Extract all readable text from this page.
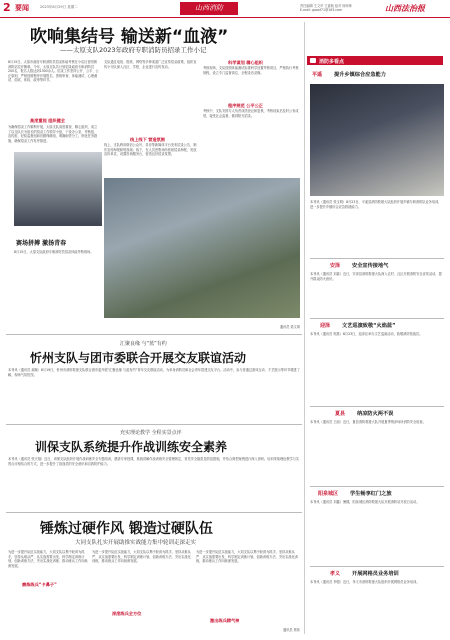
2 要闻	2023年8月29日 星期二	山西消防	责任编辑 王文华 王嘉航 组对 杨帅帅
E-mail: gaoxf71@163.com	山西法治报
吹响集结号 输送新“血液”
——太原支队2023年政府专职消防员招录工作小记
8月15日，太原市政府专职消防员招录体能考核在小店区晋阳街消防站拉开帷幕。今年，太原支队共计划招录政府专职消防员200名，报名人数达到1300余人。招录工作坚持公开、公平、公正原则，严格按照程序开展报名、资格审查、体能测试、心理测试、面试、体检、政审等环节。
高度重视 组织健全
为确保招录工作顺利开展，太原支队高度重视、精心组织，成立了以支队长为组长的招录工作领导小组，下设办公室、考核组、宣传组、纪检监督组和后勤保障组，明确职责分工，细化任务措施，确保招录工作有序推进。
支队通过电视、报纸、网络等多种渠道广泛宣传招录政策，组织宣传小分队深入社区、学校、企业进行宣传发动。
线上线下 营造氛围
线上，支队利用微信公众号、抖音等新媒体平台发布招录公告，制作宣传海报和短视频；线下，在人员密集场所张贴招录海报，发放宣传单页，设置咨询服务台，营造良好招录氛围。
科学谋划 精心组织
考核现场，支队按照体能测试标准科学设置考核项目，严格执行考核规程，设立专门监督岗位，全程录音录像。
程序规范 公平公正
考核中，支队安排专人负责成绩登记和复核，考核结束后及时公布成绩，接受社会监督，做到阳光招录。
赛场拼搏 激扬青春
8月15日，太原支队政府专职消防员招录体能考核现场。
通讯员 梁文琪
汇聚良缘 与“蓝”有约
忻州支队与团市委联合开展交友联谊活动
本刊讯（通讯员 郝婉）8月19日，忻州市消防救援支队联合团市委开展“汇聚良缘 与蓝有约”青年交友联谊活动，为单身消防员和社会青年搭建交友平台。活动中，参与者通过游戏互动、才艺展示等环节增进了解，现场气氛热烈。
充实理论教学 全程实景点评
训保支队系统提升作战训练安全素养
本刊讯（通讯员 张天翔）近日，训保支队组织开展作战训练安全专题培训，邀请专家授课，系统讲解作战训练安全管理规定、常见安全隐患及防范措施，并结合典型案例进行深入剖析。培训采取理论教学与实景点评相结合的方式，进一步提升了指战员的安全意识和自我防护能力。
锤炼过硬作风 锻造过硬队伍
大同支队扎实开展助推实战能力集中轮训走深走实
为进一步提升队伍实战能力，大同支队以集中轮训为抓手，坚持从难从严、从实战需要出发，科学制定训练计划，创新训练方法，突出实战化训练，推动练兵工作向纵深发展。
磨炼练兵“卡鼻子”
为进一步提升队伍实战能力，大同支队以集中轮训为抓手，坚持从难从严、从实战需要出发，科学制定训练计划，创新训练方法，突出实战化训练，推动练兵工作向纵深发展。
深度练兵全方位
为进一步提升队伍实战能力，大同支队以集中轮训为抓手，坚持从难从严、从实战需要出发，科学制定训练计划，创新训练方法，突出实战化训练，推动练兵工作向纵深发展。
激出练兵精气神
通讯员 郭伟
消防多看点
平遥 提升乡镇综合应急能力
本刊讯（通讯员 张玉明）8月23日，平遥县消防救援大队组织开展乡镇专职消防队业务培训，进一步提升乡镇综合应急救援能力。
安泽 安全宣传接地气
本刊讯（通讯员 刘嘉）近日，安泽县消防救援大队深入农村、社区开展消防安全宣传活动，提升群众防火意识。
迎泽 文艺巡演致敬“火焰蓝”
本刊讯（通讯员 郭燕）8月23日，迎泽区举办文艺巡演活动，致敬消防指战员。
夏县 纳凉防火两不误
本刊讯（通讯员 王丽）近日，夏县消防救援大队开展夏季纳凉场所消防安全检查。
阳泉城区 学生畅享红门之旅
本刊讯（通讯员 刘鑫）暑期，阳泉城区消防救援大队开展消防站开放日活动。
孝义 开展网格员业务培训
本刊讯（通讯员 李强）近日，孝义市消防救援大队组织开展网格员业务培训。
